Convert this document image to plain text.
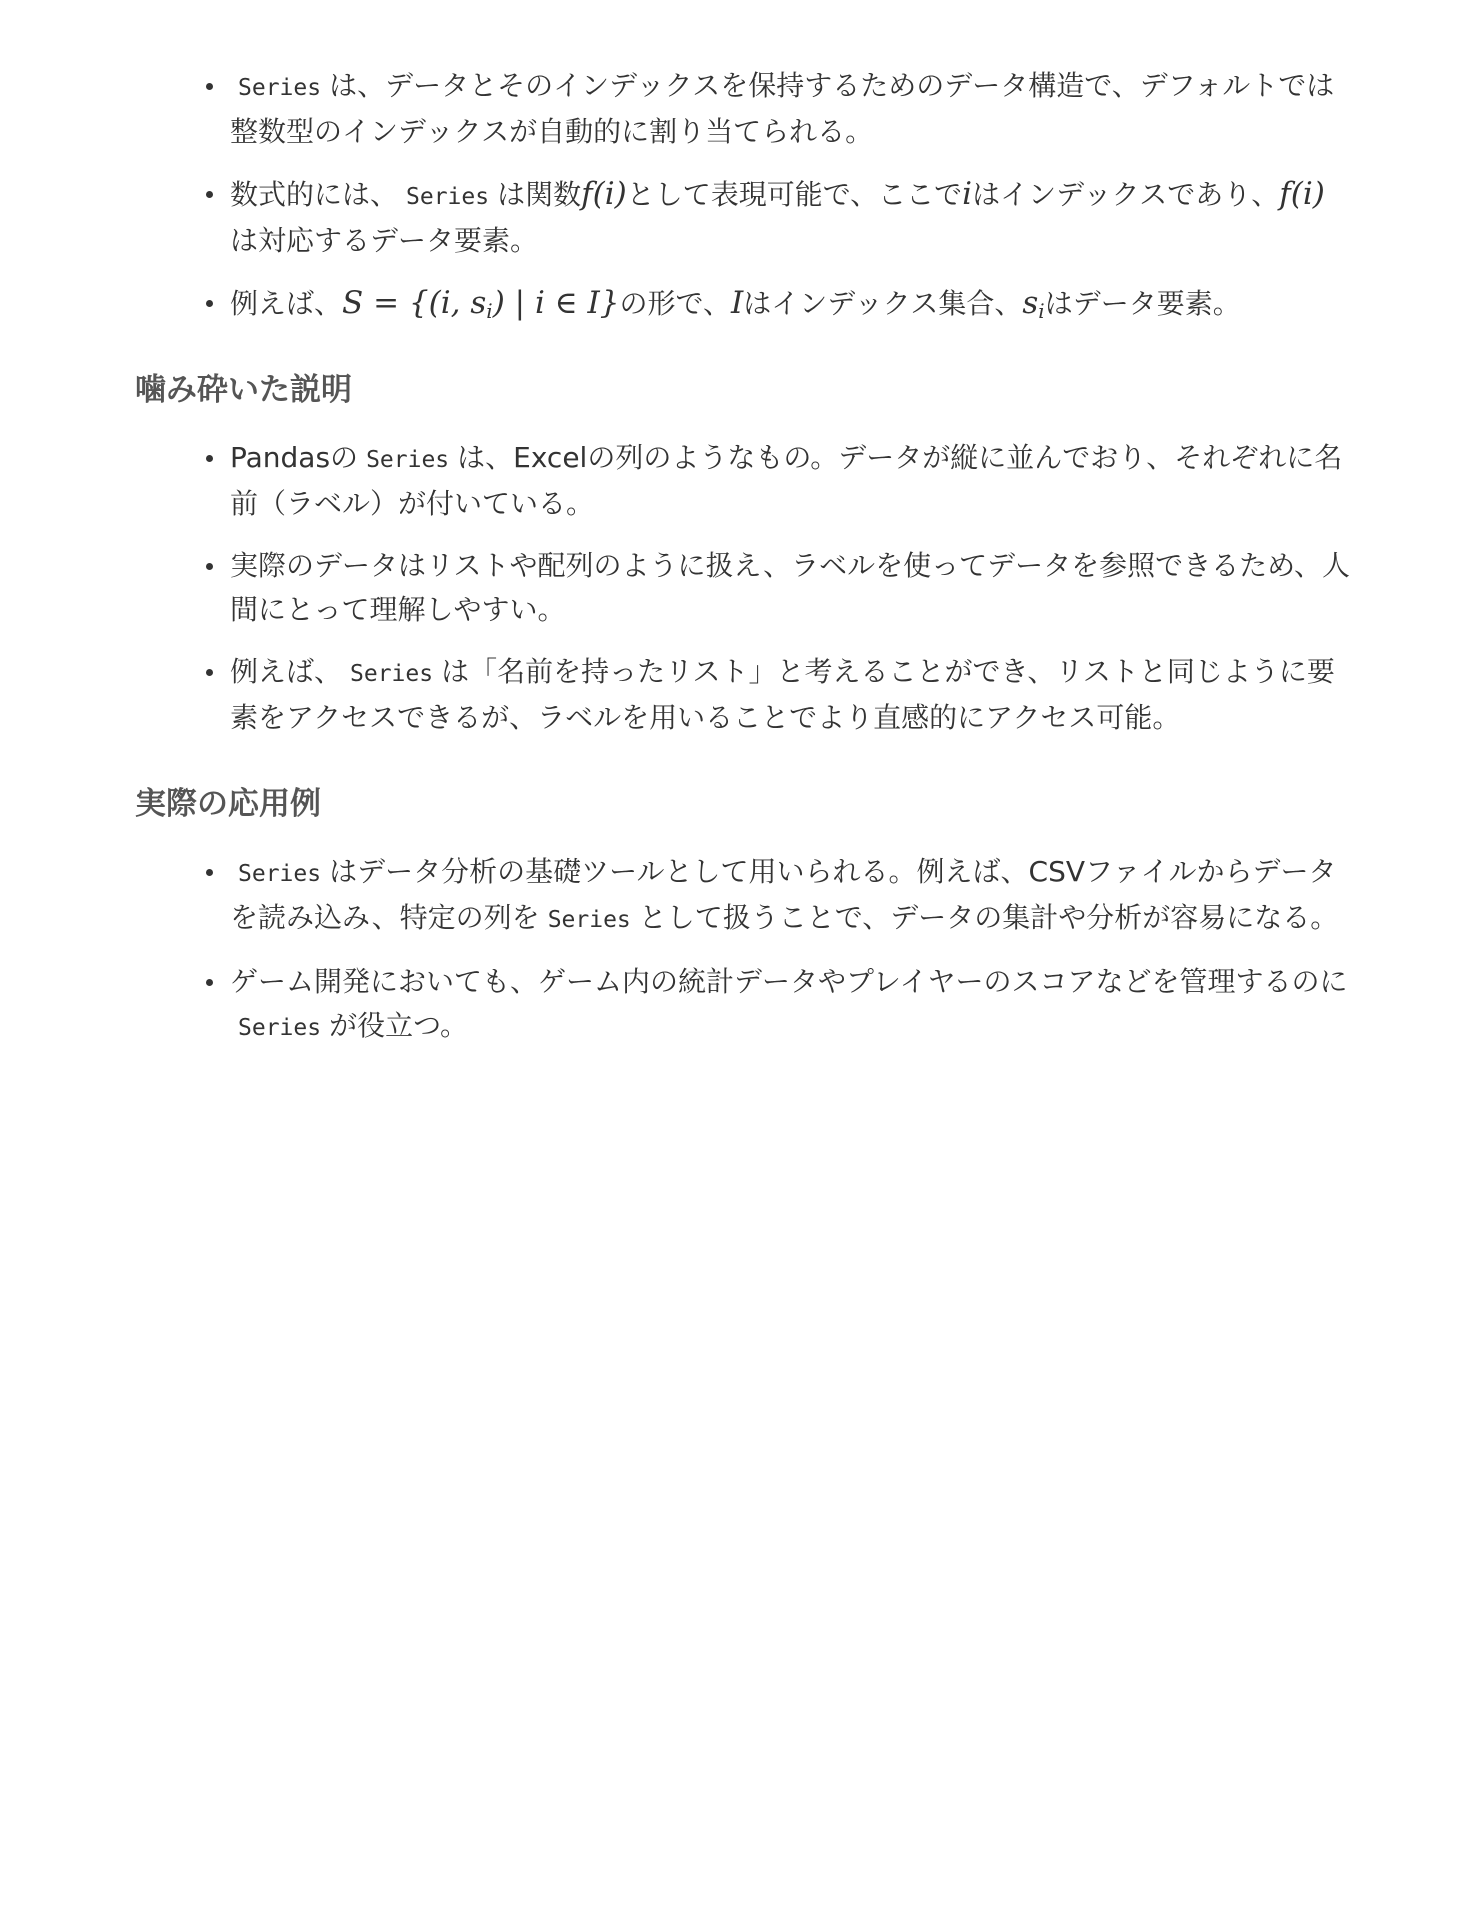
Series は、データとそのインデックスを保持するためのデータ構造で、デフォルトでは整数型のインデックスが自動的に割り当てられる。
数式的には、 Series は関数f(i)として表現可能で、ここでiはインデックスであり、f(i)は対応するデータ要素。
例えば、S = {(i, $s_i$) | i ∈ I}の形で、Iはインデックス集合、$s_i$はデータ要素。
噛み砕いた説明
Pandasの Series は、Excelの列のようなもの。データが縦に並んでおり、それぞれに名前（ラベル）が付いている。
実際のデータはリストや配列のように扱え、ラベルを使ってデータを参照できるため、人間にとって理解しやすい。
例えば、 Series は「名前を持ったリスト」と考えることができ、リストと同じように要素をアクセスできるが、ラベルを用いることでより直感的にアクセス可能。
実際の応用例
Series はデータ分析の基礎ツールとして用いられる。例えば、CSVファイルからデータを読み込み、特定の列を Series として扱うことで、データの集計や分析が容易になる。
ゲーム開発においても、ゲーム内の統計データやプレイヤーのスコアなどを管理するのにSeries が役立つ。
